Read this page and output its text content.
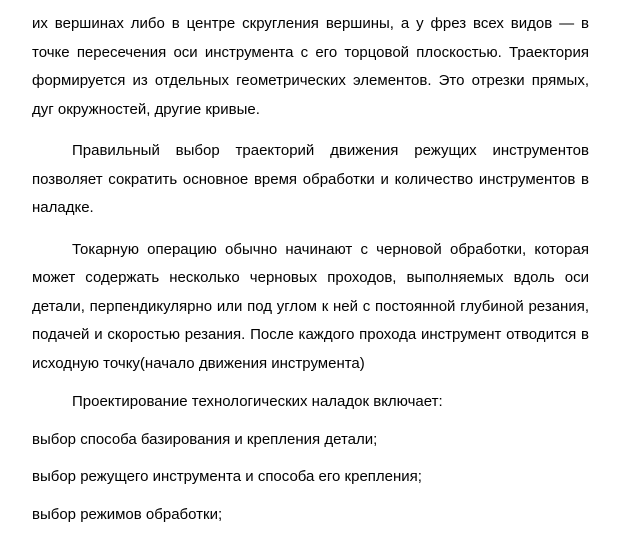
их вершинах либо в центре скругления вершины, а у фрез всех видов — в точке пересечения оси инструмента с его торцовой плоскостью. Траектория формируется из отдельных геометрических элементов. Это отрезки прямых, дуг окружностей, другие кривые.

Правильный выбор траекторий движения режущих инструментов позволяет сократить основное время обработки и количество инструментов в наладке.

Токарную операцию обычно начинают с черновой обработки, которая может содержать несколько черновых проходов, выполняемых вдоль оси детали, перпендикулярно или под углом к ней с постоянной глубиной резания, подачей и скоростью резания. После каждого прохода инструмент отводится в исходную точку(начало движения инструмента)

Проектирование технологических наладок включает:

выбор способа базирования и крепления детали;

выбор режущего инструмента и способа его крепления;

выбор режимов обработки;
